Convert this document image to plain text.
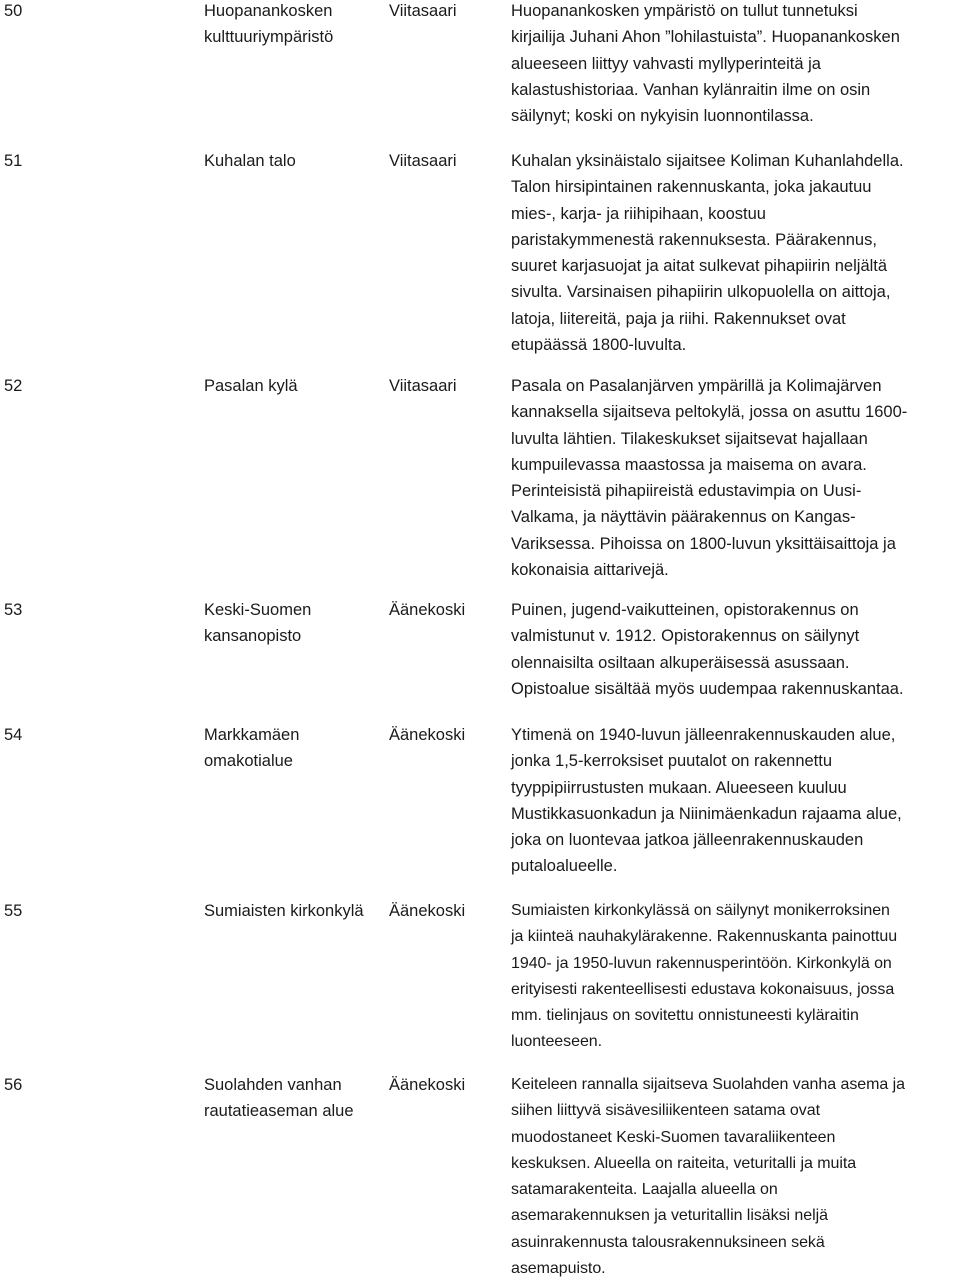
50	Huopanankosken
kulttuuriympäristö
Viitasaari	Huopanankosken ympäristö on tullut tunnetuksi
kirjailija Juhani Ahon ”lohilastuista”. Huopanankosken
alueeseen liittyy vahvasti myllyperinteitä ja
kalastushistoriaa. Vanhan kylänraitin ilme on osin
säilynyt; koski on nykyisin luonnontilassa.
51	Kuhalan talo	Viitasaari	Kuhalan yksinäistalo sijaitsee Koliman Kuhanlahdella.
Talon hirsipintainen rakennuskanta, joka jakautuu
mies-, karja- ja riihipihaan, koostuu
paristakymmenestä rakennuksesta. Päärakennus,
suuret karjasuojat ja aitat sulkevat pihapiirin neljältä
sivulta. Varsinaisen pihapiirin ulkopuolella on aittoja,
latoja, liitereitä, paja ja riihi. Rakennukset ovat
etupäässä 1800-luvulta.
52	Pasalan kylä	Viitasaari	Pasala on Pasalanjärven ympärillä ja Kolimajärven
kannaksella sijaitseva peltokylä, jossa on asuttu 1600-
luvulta lähtien. Tilakeskukset sijaitsevat hajallaan
kumpuilevassa maastossa ja maisema on avara.
Perinteisistä pihapiireistä edustavimpia on Uusi-
Valkama, ja näyttävin päärakennus on Kangas-
Variksessa. Pihoissa on 1800-luvun yksittäisaittoja ja
kokonaisia aittarivejä.
53	Keski-Suomen
kansanopisto
Äänekoski	Puinen, jugend-vaikutteinen, opistorakennus on
valmistunut v. 1912. Opistorakennus on säilynyt
olennaisilta osiltaan alkuperäisessä asussaan.
Opistoalue sisältää myös uudempaa rakennuskantaa.
54	Markkamäen
omakotialue
Äänekoski	Ytimenä on 1940-luvun jälleenrakennuskauden alue,
jonka 1,5-kerroksiset puutalot on rakennettu
tyyppipiirrustusten mukaan. Alueeseen kuuluu
Mustikkasuonkadun ja Niinimäenkadun rajaama alue,
joka on luontevaa jatkoa jälleenrakennuskauden
putaloalueelle.
55	Sumiaisten kirkonkylä	Äänekoski	Sumiaisten kirkonkylässä on säilynyt monikerroksinen
ja kiinteä nauhakylärakenne. Rakennuskanta painottuu
1940- ja 1950-luvun rakennusperintöön. Kirkonkylä on
erityisesti rakenteellisesti edustava kokonaisuus, jossa
mm. tielinjaus on sovitettu onnistuneesti kyläraitin
luonteeseen.
56	Suolahden vanhan
rautatieaseman alue
Äänekoski	Keiteleen rannalla sijaitseva Suolahden vanha asema ja
siihen liittyvä sisävesiliikenteen satama ovat
muodostaneet Keski-Suomen tavaraliikenteen
keskuksen. Alueella on raiteita, veturitalli ja muita
satamarakenteita. Laajalla alueella on
asemarakennuksen ja veturitallin lisäksi neljä
asuinrakennusta talousrakennuksineen sekä
asemapuisto.
